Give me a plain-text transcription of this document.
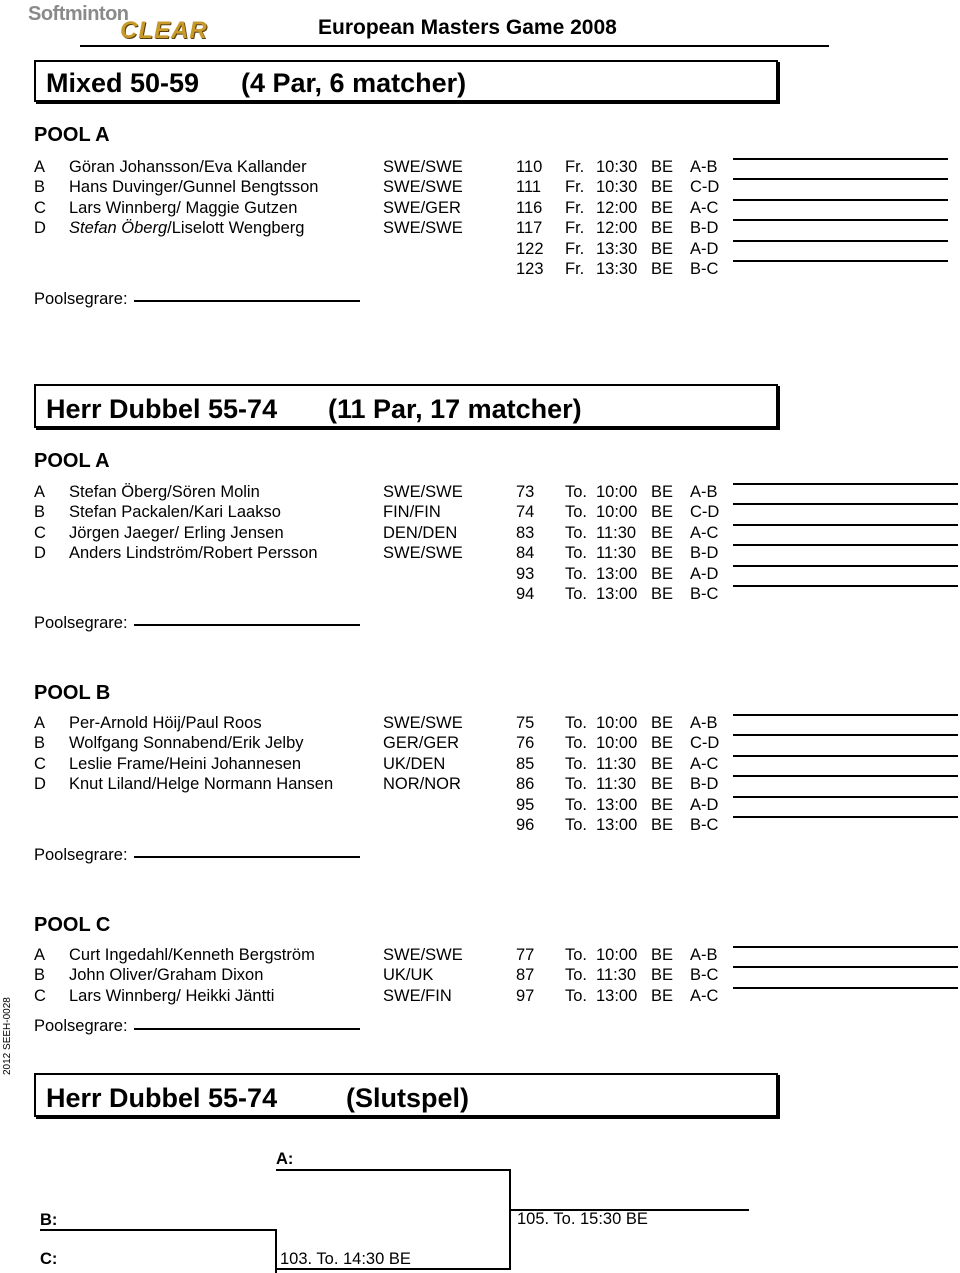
Softminton
CLEAR	European Masters Game 2008
Mixed 50-59 (4 Par, 6 matcher)
POOL A
A Göran Johansson/Eva Kallander	SWE/SWE	110 Fr. 10:30 BE A-B
B Hans Duvinger/Gunnel Bengtsson	SWE/SWE	111 Fr. 10:30 BE C-D
C Lars Winnberg/ Maggie Gutzen	SWE/GER	116 Fr. 12:00 BE A-C
D Stefan Öberg/Liselott Wengberg	SWE/SWE	117 Fr. 12:00 BE B-D
122 Fr. 13:30 BE A-D
123 Fr. 13:30 BE B-C
Poolsegrare:
Herr Dubbel 55-74 (11 Par, 17 matcher)
POOL A
A Stefan Öberg/Sören Molin	SWE/SWE	73 To. 10:00 BE A-B
B Stefan Packalen/Kari Laakso	FIN/FIN	74 To. 10:00 BE C-D
C Jörgen Jaeger/ Erling Jensen	DEN/DEN	83 To. 11:30 BE A-C
D Anders Lindström/Robert Persson	SWE/SWE	84 To. 11:30 BE B-D
93 To. 13:00 BE A-D
94 To. 13:00 BE B-C
Poolsegrare:
POOL B
A Per-Arnold Höij/Paul Roos	SWE/SWE	75 To. 10:00 BE A-B
B Wolfgang Sonnabend/Erik Jelby	GER/GER	76 To. 10:00 BE C-D
C Leslie Frame/Heini Johannesen	UK/DEN	85 To. 11:30 BE A-C
D Knut Liland/Helge Normann Hansen	NOR/NOR	86 To. 11:30 BE B-D
95 To. 13:00 BE A-D
96 To. 13:00 BE B-C
Poolsegrare:
POOL C
A Curt Ingedahl/Kenneth Bergström	SWE/SWE	77 To. 10:00 BE A-B
B John Oliver/Graham Dixon	UK/UK	87 To. 11:30 BE B-C
C Lars Winnberg/ Heikki Jäntti	SWE/FIN	97 To. 13:00 BE A-C
Poolsegrare:
2012 SEEH-0028
Herr Dubbel 55-74	(Slutspel)
A:
105. To. 15:30 BE
B:
103. To. 14:30 BE
C:
